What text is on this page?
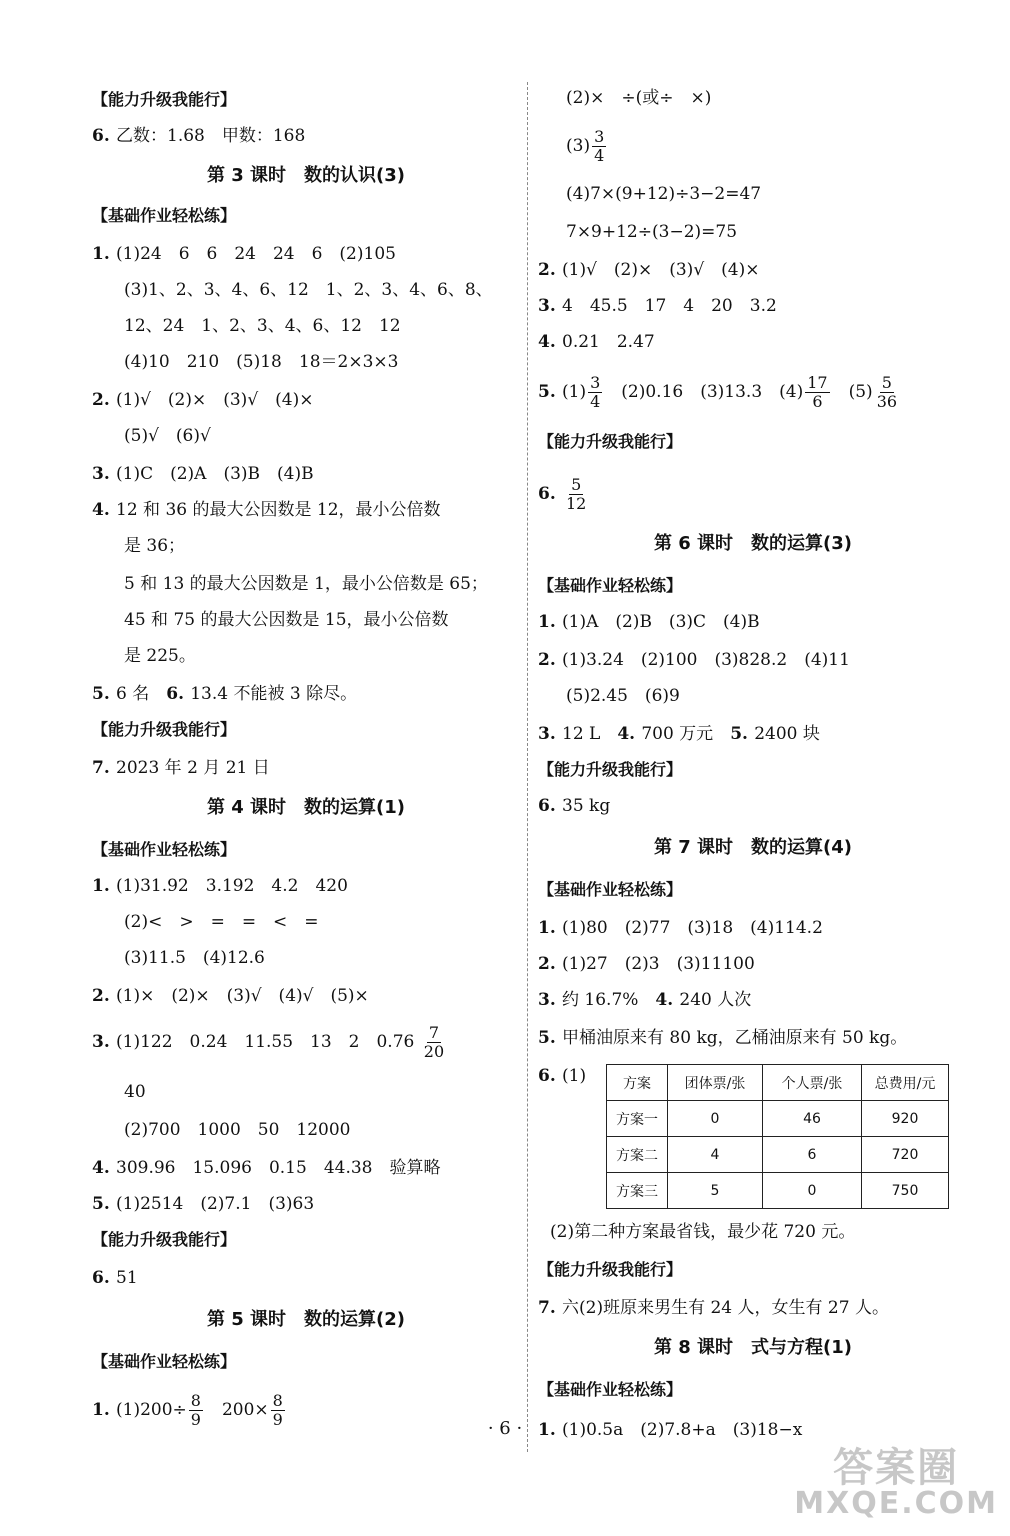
【能力升级我能行】
6. 乙数：1.68　甲数：168
第 3 课时　数的认识(3)
【基础作业轻松练】
1. (1)24　6　6　24　24　6　(2)105
(3)1、2、3、4、6、12　1、2、3、4、6、8、
12、24　1、2、3、4、6、12　12
(4)10　210　(5)18　18＝2×3×3
2. (1)√　(2)×　(3)√　(4)×
(5)√　(6)√
3. (1)C　(2)A　(3)B　(4)B
4. 12 和 36 的最大公因数是 12，最小公倍数
是 36；
5 和 13 的最大公因数是 1，最小公倍数是 65；
45 和 75 的最大公因数是 15，最小公倍数
是 225。
5. 6 名　6. 13.4 不能被 3 除尽。
【能力升级我能行】
7. 2023 年 2 月 21 日
第 4 课时　数的运算(1)
【基础作业轻松练】
1. (1)31.92　3.192　4.2　420
(2)<　>　=　=　<　=
(3)11.5　(4)12.6
2. (1)×　(2)×　(3)√　(4)√　(5)×
3. (1)122　0.24　11.55　13　2　$0.76 \frac{7}{20}$
40
(2)700　1000　50　12000
4. 309.96　15.096　0.15　44.38　验算略
5. (1)2514　(2)7.1　(3)63
【能力升级我能行】
6. 51
第 5 课时　数的运算(2)
【基础作业轻松练】
1. $(1)200\div \frac{8}{9}$ 　$200\times \frac{8}{9}$
(2)×　÷(或÷　×)
$(3) \frac{3}{4}$
(4)7×(9+12)÷3−2=47
7×9+12÷(3−2)=75
2. (1)√　(2)×　(3)√　(4)×
3. 4　45.5　17　4　20　3.2
4. 0.21　2.47
5. $(1) \frac{3}{4}$ 　(2)0.16　(3)13.3　$(4) \frac{17}{6}$ 　$(5) \frac{5}{36}$
【能力升级我能行】
6. $\frac{5}{12}$
第 6 课时　数的运算(3)
【基础作业轻松练】
1. (1)A　(2)B　(3)C　(4)B
2. (1)3.24　(2)100　(3)828.2　(4)11
(5)2.45　(6)9
3. 12 L　4. 700 万元　5. 2400 块
【能力升级我能行】
6. 35 kg
第 7 课时　数的运算(4)
【基础作业轻松练】
1. (1)80　(2)77　(3)18　(4)114.2
2. (1)27　(2)3　(3)11100
3. 约 16.7%　4. 240 人次
5. 甲桶油原来有 80 kg，乙桶油原来有 50 kg。
6. (1)	方案	团体票/张	个人票/张	总费用/元
方案一	0	46	920
方案二	4	6	720
方案三	5	0	750
(2)第二种方案最省钱，最少花 720 元。
【能力升级我能行】
7. 六(2)班原来男生有 24 人，女生有 27 人。
第 8 课时　式与方程(1)
【基础作业轻松练】
1. (1)0.5a　(2)7.8+a　(3)18−x
· 6 ·
答案圈
MXQE.COM
